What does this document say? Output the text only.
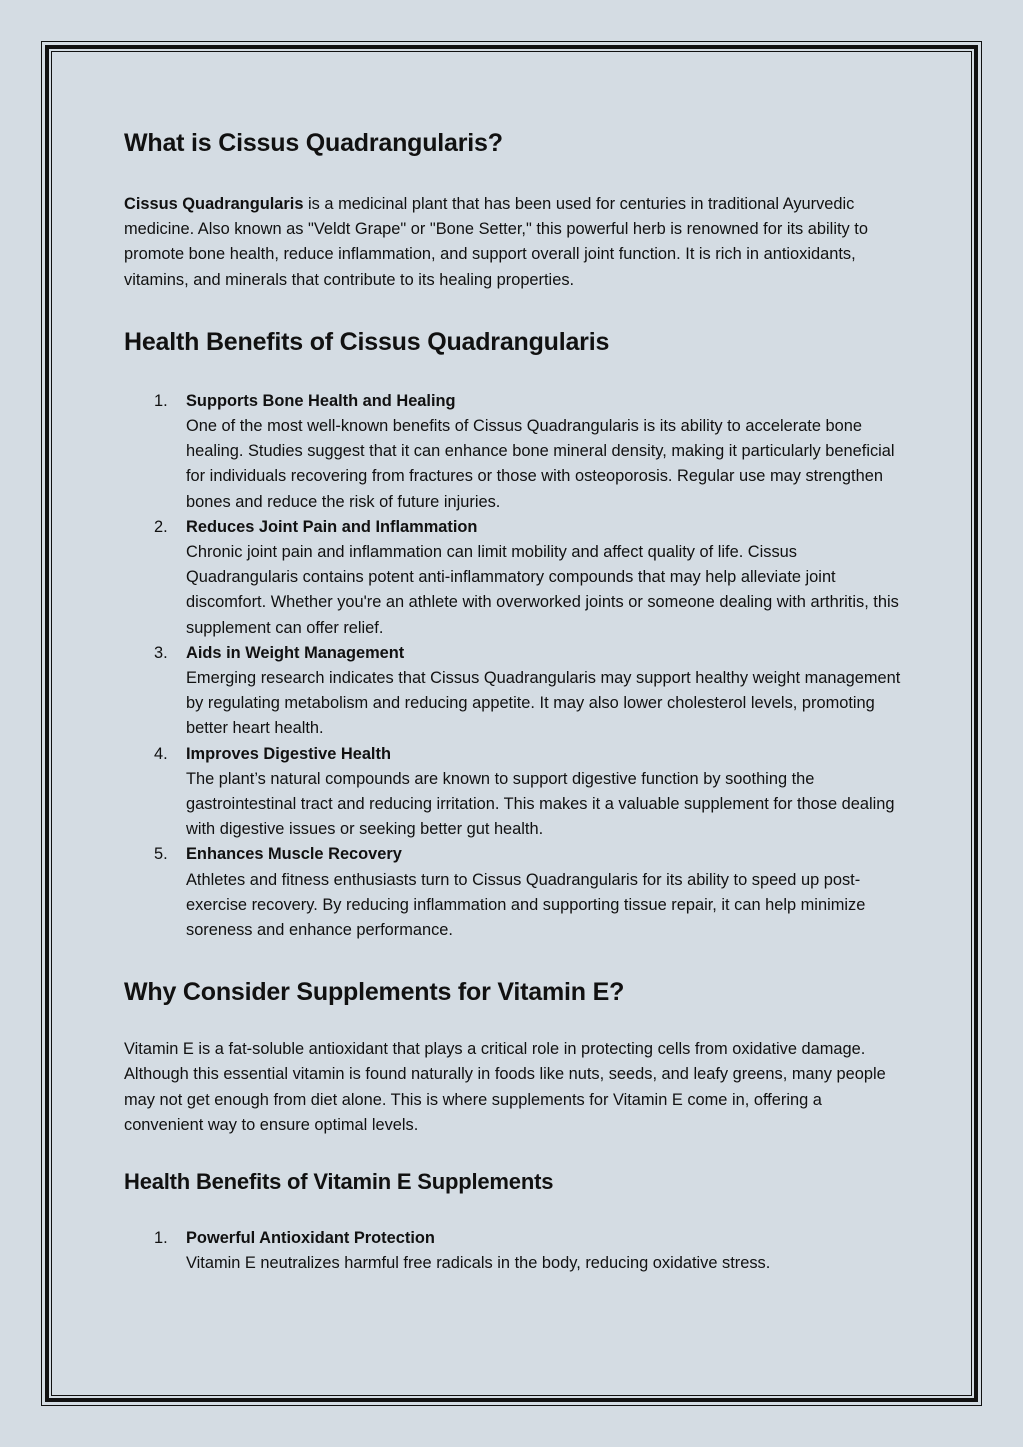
What is Cissus Quadrangularis?

Cissus Quadrangularis is a medicinal plant that has been used for centuries in traditional Ayurvedic medicine. Also known as "Veldt Grape" or "Bone Setter," this powerful herb is renowned for its ability to promote bone health, reduce inflammation, and support overall joint function. It is rich in antioxidants, vitamins, and minerals that contribute to its healing properties.

Health Benefits of Cissus Quadrangularis
1. Supports Bone Health and Healing
One of the most well-known benefits of Cissus Quadrangularis is its ability to accelerate bone healing. Studies suggest that it can enhance bone mineral density, making it particularly beneficial for individuals recovering from fractures or those with osteoporosis. Regular use may strengthen bones and reduce the risk of future injuries.
2. Reduces Joint Pain and Inflammation
Chronic joint pain and inflammation can limit mobility and affect quality of life. Cissus Quadrangularis contains potent anti-inflammatory compounds that may help alleviate joint discomfort. Whether you're an athlete with overworked joints or someone dealing with arthritis, this supplement can offer relief.
3. Aids in Weight Management
Emerging research indicates that Cissus Quadrangularis may support healthy weight management by regulating metabolism and reducing appetite. It may also lower cholesterol levels, promoting better heart health.
4. Improves Digestive Health
The plant’s natural compounds are known to support digestive function by soothing the gastrointestinal tract and reducing irritation. This makes it a valuable supplement for those dealing with digestive issues or seeking better gut health.
5. Enhances Muscle Recovery
Athletes and fitness enthusiasts turn to Cissus Quadrangularis for its ability to speed up post-exercise recovery. By reducing inflammation and supporting tissue repair, it can help minimize soreness and enhance performance.
Why Consider Supplements for Vitamin E?

Vitamin E is a fat-soluble antioxidant that plays a critical role in protecting cells from oxidative damage. Although this essential vitamin is found naturally in foods like nuts, seeds, and leafy greens, many people may not get enough from diet alone. This is where supplements for Vitamin E come in, offering a convenient way to ensure optimal levels.

Health Benefits of Vitamin E Supplements
1. Powerful Antioxidant Protection
Vitamin E neutralizes harmful free radicals in the body, reducing oxidative stress.
